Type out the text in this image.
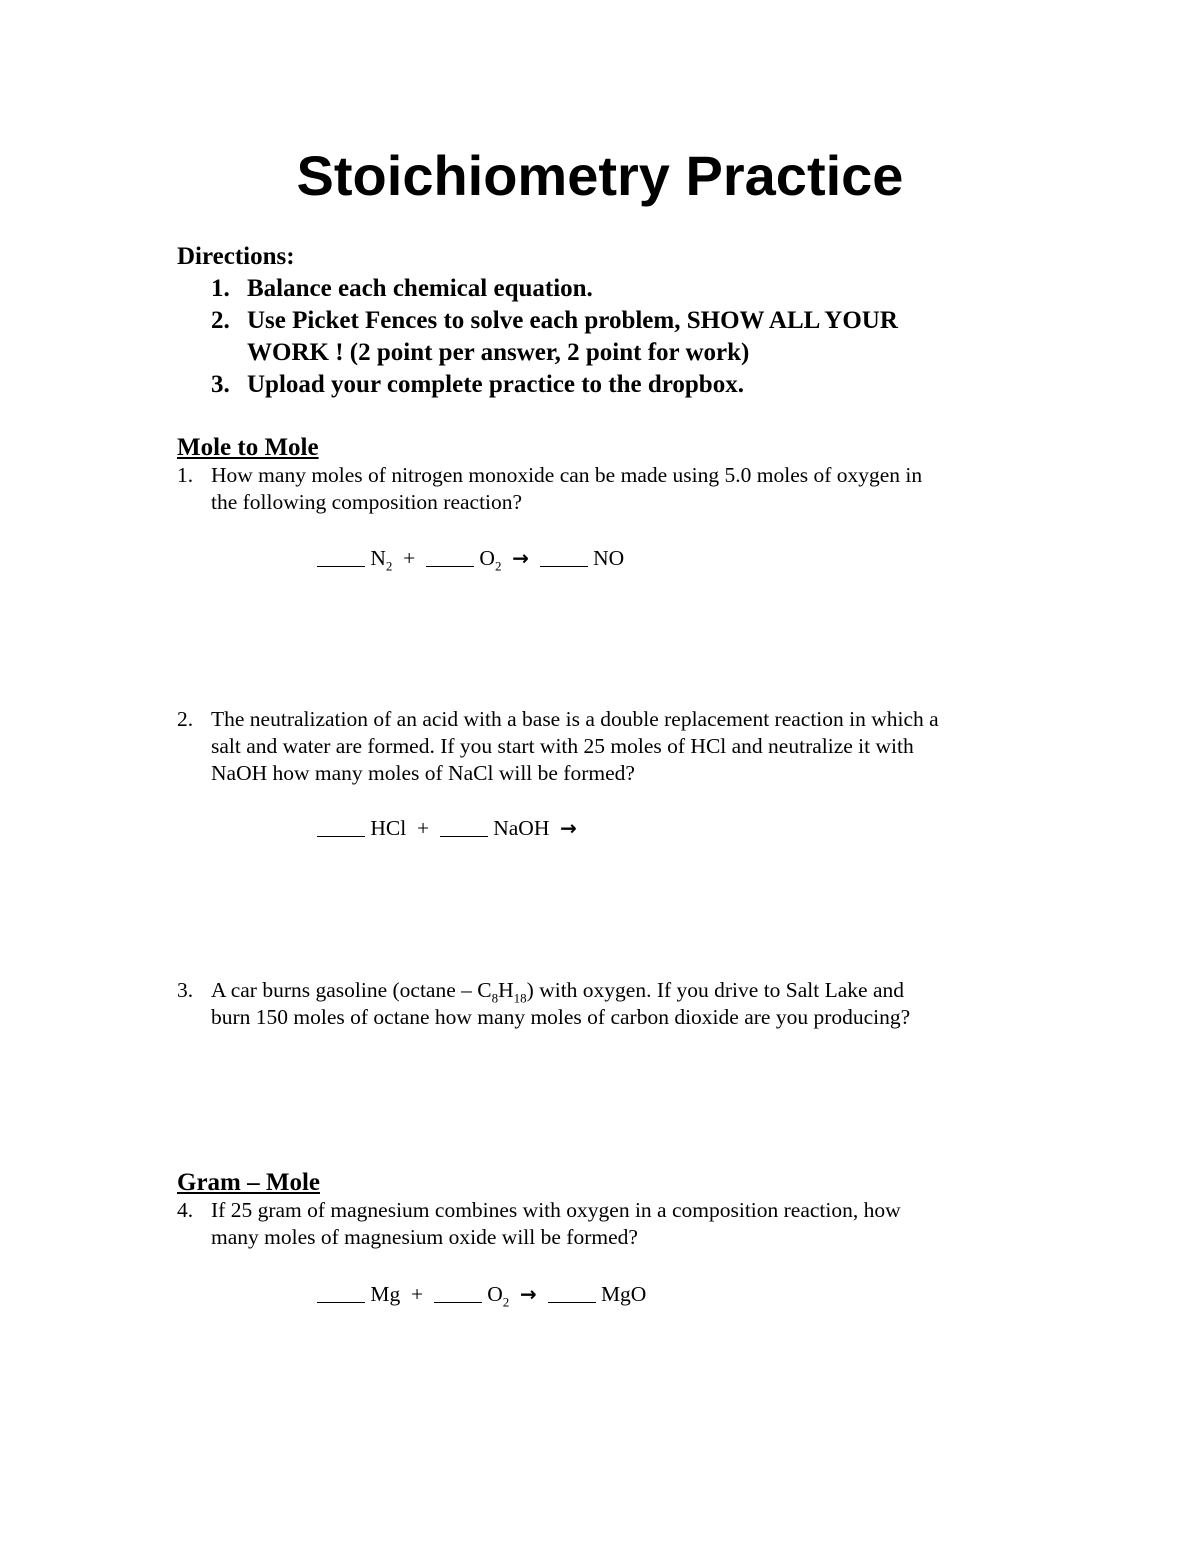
Stoichiometry Practice

Directions:

1. Balance each chemical equation.
2. Use Picket Fences to solve each problem, SHOW ALL YOUR
WORK ! (2 point per answer, 2 point for work)
3. Upload your complete practice to the dropbox.

Mole to Mole

1. How many moles of nitrogen monoxide can be made using 5.0 moles of oxygen in
the following composition reaction?
$N_2$ +	$O_2$ →	NO
2. The neutralization of an acid with a base is a double replacement reaction in which a
salt and water are formed. If you start with 25 moles of HCl and neutralize it with
NaOH how many moles of NaCl will be formed?
HCl +	NaOH →
3. A car burns gasoline $(octane - C_8H_{18})$ with oxygen. If you drive to Salt Lake and
burn 150 moles of octane how many moles of carbon dioxide are you producing?

Gram – Mole

4. If 25 gram of magnesium combines with oxygen in a composition reaction, how
many moles of magnesium oxide will be formed?
Mg +	$O_2$ →	MgO
